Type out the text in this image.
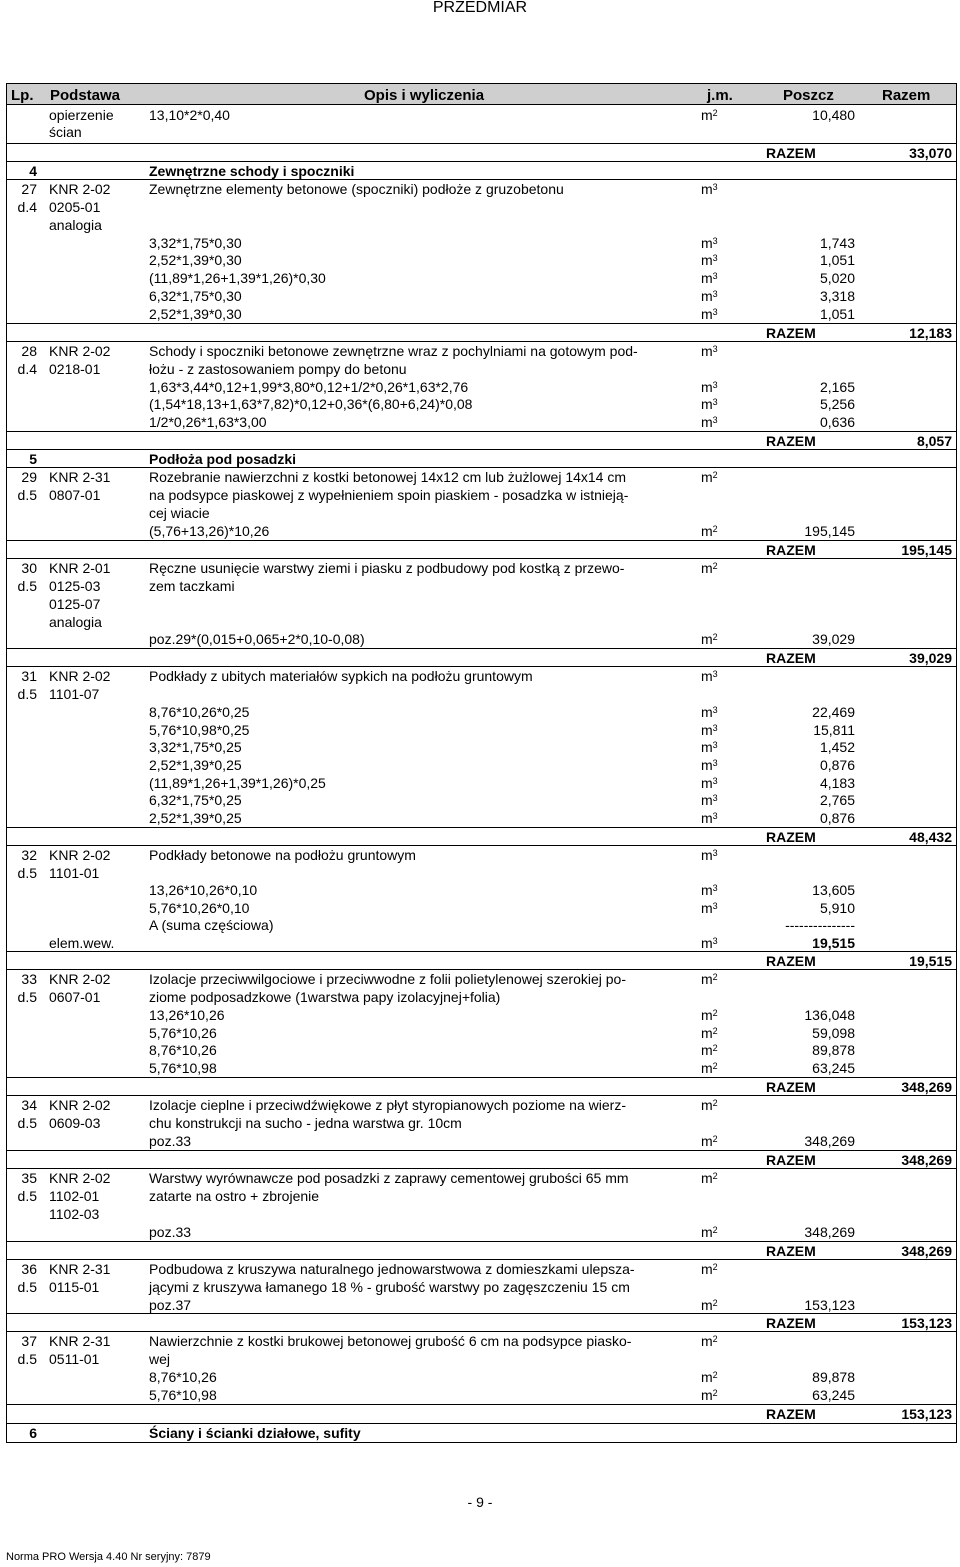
PRZEDMIAR
Lp. Podstawa	Opis i wyliczenia	j.m.	Poszcz	Razem
opierzenie	13,10*2*0,40	$m^2$	10,480
ścian
RAZEM	33,070
4	Zewnętrzne schody i spoczniki
27 KNR 2-02	Zewnętrzne elementy betonowe (spoczniki) podłoże z gruzobetonu	$m^3$
d.4 0205-01
analogia
3,32*1,75*0,30	$m^3$	1,743
2,52*1,39*0,30	$m^3$	1,051
(11,89*1,26+1,39*1,26)*0,30	$m^3$	5,020
6,32*1,75*0,30	$m^3$	3,318
2,52*1,39*0,30	$m^3$	1,051
RAZEM	12,183
28 KNR 2-02	Schody i spoczniki betonowe zewnętrzne wraz z pochylniami na gotowym pod-	$m^3$
d.4 0218-01	łożu - z zastosowaniem pompy do betonu
1,63*3,44*0,12+1,99*3,80*0,12+1/2*0,26*1,63*2,76	$m^3$	2,165
(1,54*18,13+1,63*7,82)*0,12+0,36*(6,80+6,24)*0,08	$m^3$	5,256
1/2*0,26*1,63*3,00	$m^3$	0,636
RAZEM	8,057
5	Podłoża pod posadzki
29 KNR 2-31	Rozebranie nawierzchni z kostki betonowej 14x12 cm lub żużlowej 14x14 cm	$m^2$
d.5 0807-01	na podsypce piaskowej z wypełnieniem spoin piaskiem - posadzka w istnieją-
cej wiacie
(5,76+13,26)*10,26	$m^2$	195,145
RAZEM	195,145
30 KNR 2-01	Ręczne usunięcie warstwy ziemi i piasku z podbudowy pod kostką z przewo-	$m^2$
d.5 0125-03	zem taczkami
0125-07
analogia
poz.29*(0,015+0,065+2*0,10-0,08)	$m^2$	39,029
RAZEM	39,029
31 KNR 2-02	Podkłady z ubitych materiałów sypkich na podłożu gruntowym	$m^3$
d.5 1101-07
8,76*10,26*0,25	$m^3$	22,469
5,76*10,98*0,25	$m^3$	15,811
3,32*1,75*0,25	$m^3$	1,452
2,52*1,39*0,25	$m^3$	0,876
(11,89*1,26+1,39*1,26)*0,25	$m^3$	4,183
6,32*1,75*0,25	$m^3$	2,765
2,52*1,39*0,25	$m^3$	0,876
RAZEM	48,432
32 KNR 2-02	Podkłady betonowe na podłożu gruntowym	$m^3$
d.5 1101-01
13,26*10,26*0,10	$m^3$	13,605
5,76*10,26*0,10	$m^3$	5,910
A (suma częściowa)	---------------
elem.wew.	$m^3$	19,515
RAZEM	19,515
33 KNR 2-02	Izolacje przeciwwilgociowe i przeciwwodne z folii polietylenowej szerokiej po-	$m^2$
d.5 0607-01	ziome podposadzkowe (1warstwa papy izolacyjnej+folia)
13,26*10,26	$m^2$	136,048
5,76*10,26	$m^2$	59,098
8,76*10,26	$m^2$	89,878
5,76*10,98	$m^2$	63,245
RAZEM	348,269
34 KNR 2-02	Izolacje cieplne i przeciwdźwiękowe z płyt styropianowych poziome na wierz-	$m^2$
d.5 0609-03	chu konstrukcji na sucho - jedna warstwa gr. 10cm
poz.33	$m^2$	348,269
RAZEM	348,269
35 KNR 2-02	Warstwy wyrównawcze pod posadzki z zaprawy cementowej grubości 65 mm	$m^2$
d.5 1102-01	zatarte na ostro + zbrojenie
1102-03
poz.33	$m^2$	348,269
RAZEM	348,269
36 KNR 2-31	Podbudowa z kruszywa naturalnego jednowarstwowa z domieszkami ulepsza-	$m^2$
d.5 0115-01	jącymi z kruszywa łamanego 18 % - grubość warstwy po zagęszczeniu 15 cm
poz.37	$m^2$	153,123
RAZEM	153,123
37 KNR 2-31	Nawierzchnie z kostki brukowej betonowej grubość 6 cm na podsypce piasko-	$m^2$
d.5 0511-01	wej
8,76*10,26	$m^2$	89,878
5,76*10,98	$m^2$	63,245
RAZEM	153,123
6	Ściany i ścianki działowe, sufity
- 9 -
Norma PRO Wersja 4.40 Nr seryjny: 7879
